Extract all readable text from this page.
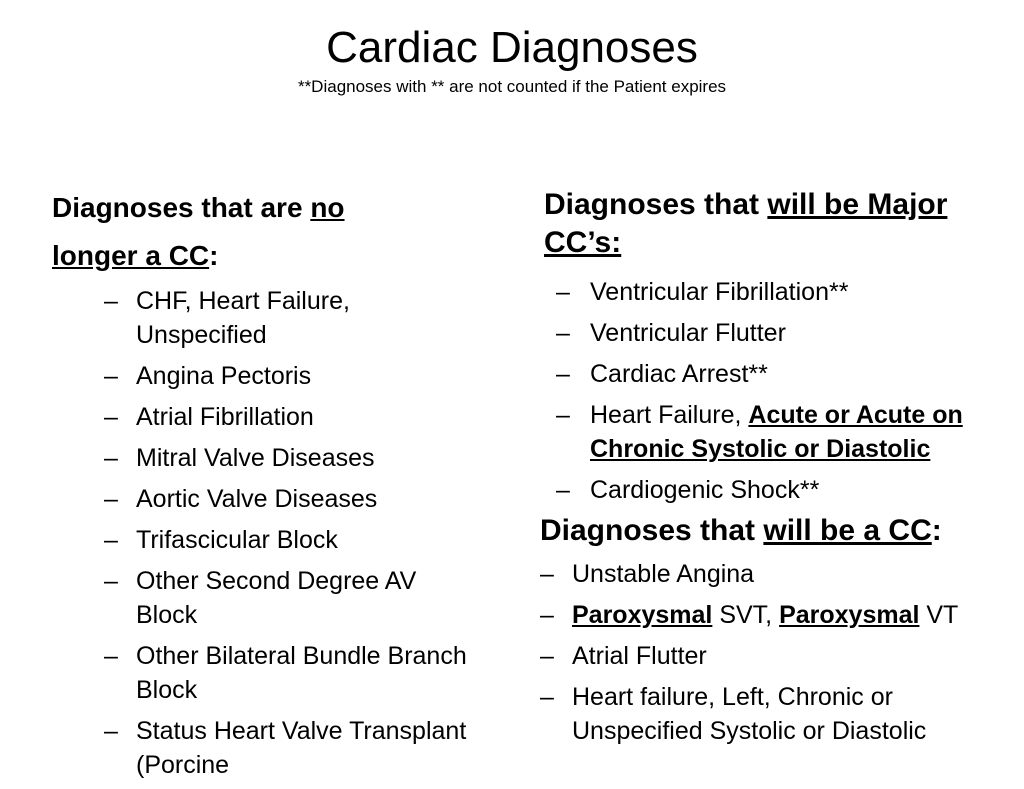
Cardiac Diagnoses
**Diagnoses with ** are not counted if the Patient expires
Diagnoses that are no
longer a CC:
– CHF, Heart Failure, Unspecified
– Angina Pectoris
– Atrial Fibrillation
– Mitral Valve Diseases
– Aortic Valve Diseases
– Trifascicular Block
– Other Second Degree AV Block
– Other Bilateral Bundle Branch Block
– Status Heart Valve Transplant (Porcine
Diagnoses that will be Major
CC’s:
– Ventricular Fibrillation**
– Ventricular Flutter
– Cardiac Arrest**
– Heart Failure, Acute or Acute on Chronic Systolic or Diastolic
– Cardiogenic Shock**
Diagnoses that will be a CC:
– Unstable Angina
– Paroxysmal SVT, Paroxysmal VT
– Atrial Flutter
– Heart failure, Left, Chronic or Unspecified Systolic or Diastolic
